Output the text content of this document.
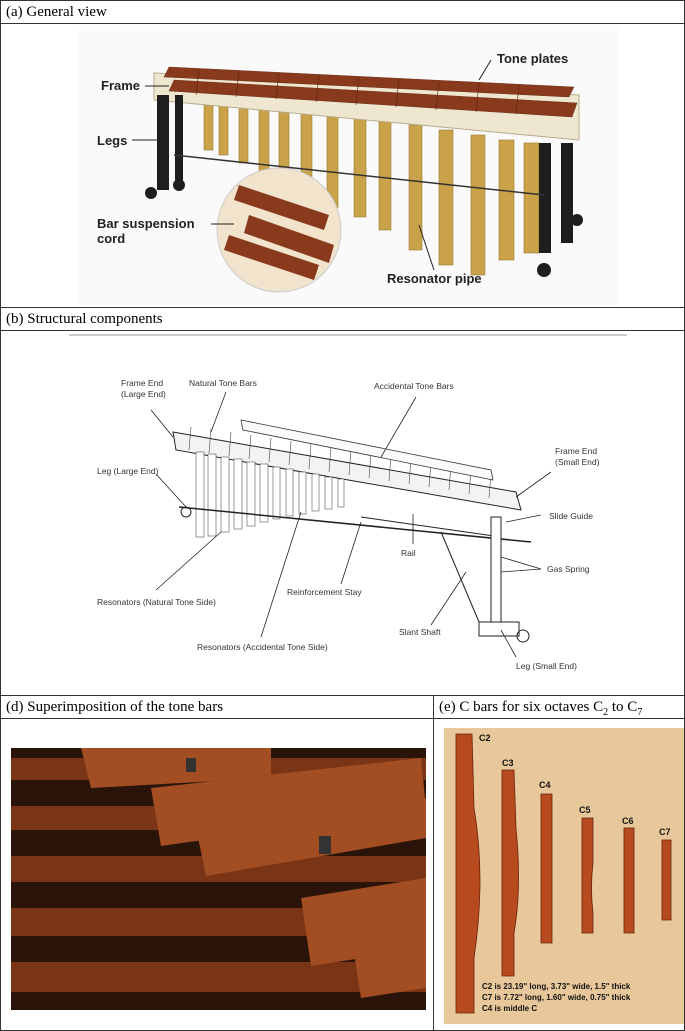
(a) General view
Frame
Legs
Tone plates
Bar suspension
cord
Resonator pipe
(b) Structural components
Frame End
(Large End)
Natural Tone Bars	Accidental Tone Bars
Frame End
(Small End)
Leg (Large End)
Slide Guide
Rail
Gas Spring
Reinforcement Stay
Resonators (Natural Tone Side)
Slant Shaft
Resonators (Accidental Tone Side)
Leg (Small End)
(d) Superimposition of the tone bars	(e) C bars for six octaves $C_2$ to $C_7$
C2
C3
C4
C5
C6
C7
C2 is 23.19" long, 3.73" wide, 1.5" thick
C7 is 7.72" long, 1.60" wide, 0.75" thick
C4 is middle C
